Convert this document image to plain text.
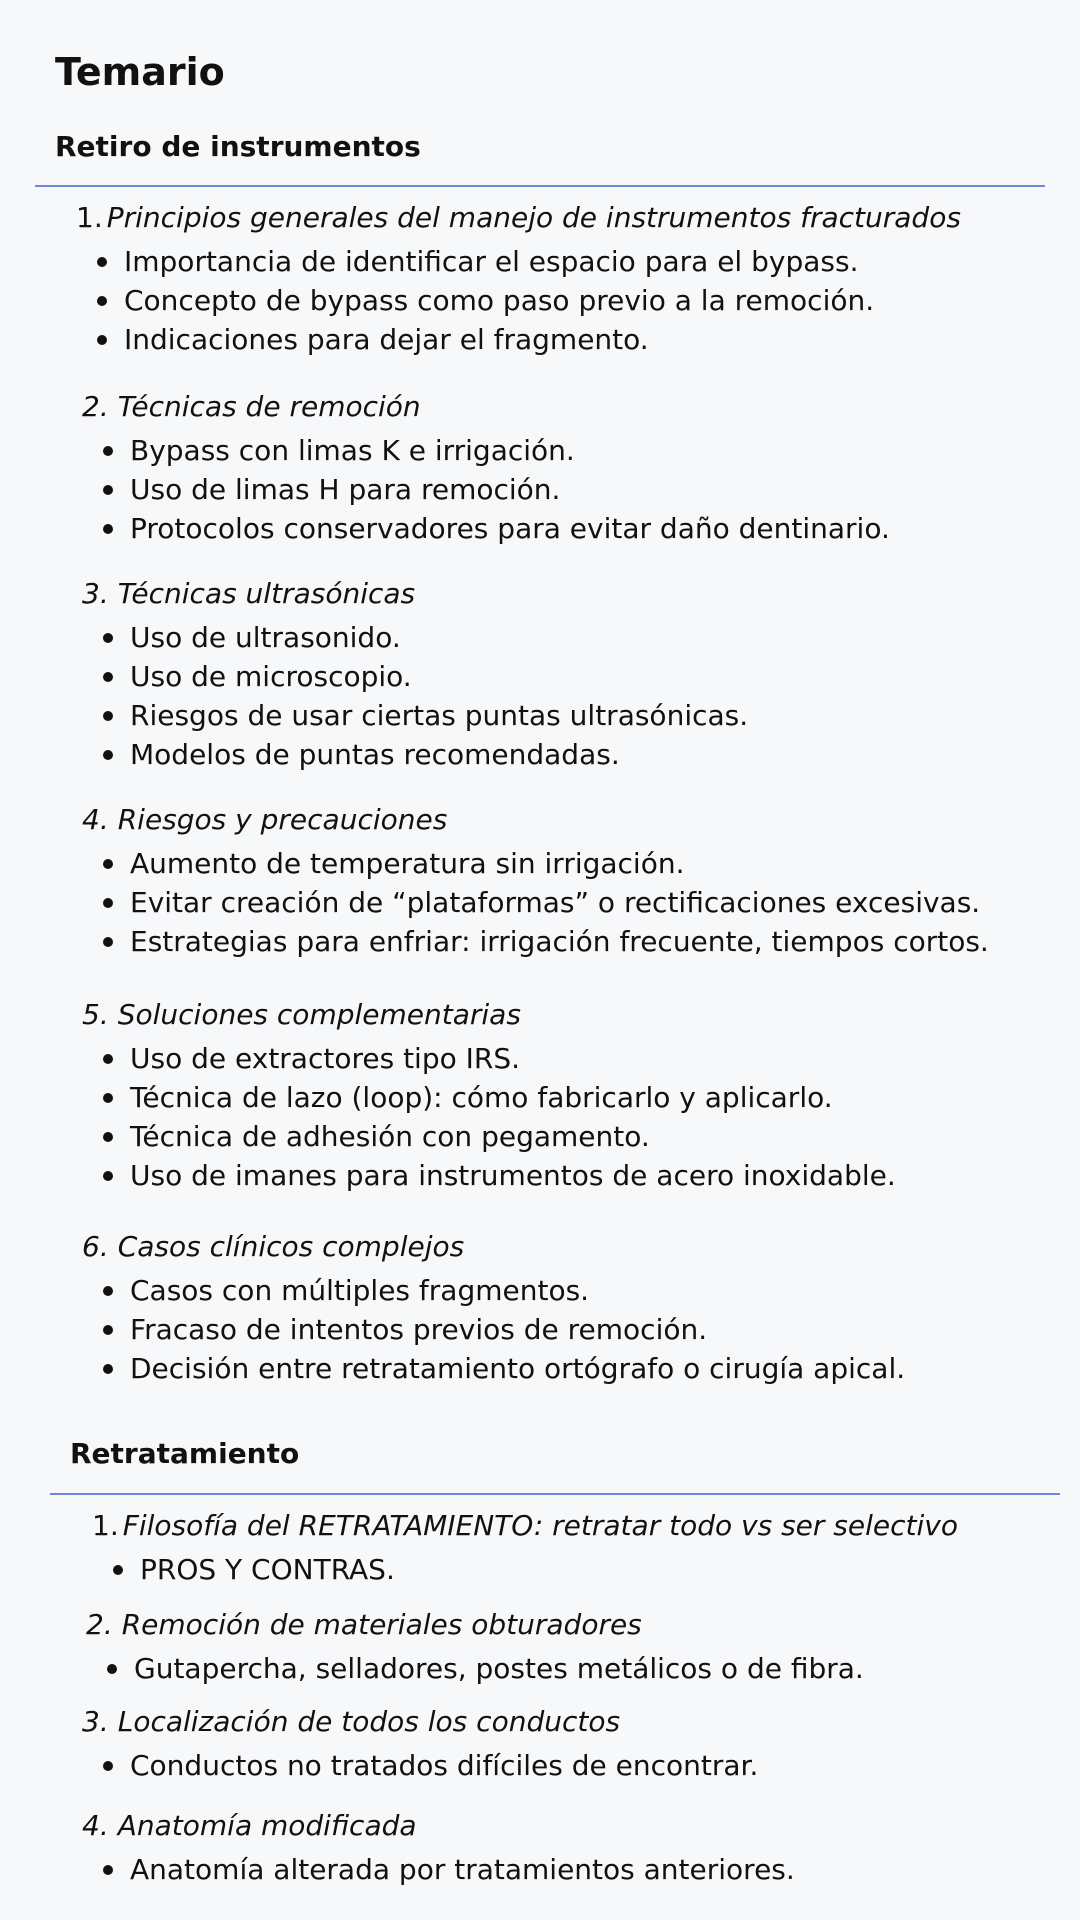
Temario
Retiro de instrumentos
1. Principios generales del manejo de instrumentos fracturados
Importancia de identificar el espacio para el bypass.
Concepto de bypass como paso previo a la remoción.
Indicaciones para dejar el fragmento.
2. Técnicas de remoción
Bypass con limas K e irrigación.
Uso de limas H para remoción.
Protocolos conservadores para evitar daño dentinario.
3. Técnicas ultrasónicas
Uso de ultrasonido.
Uso de microscopio.
Riesgos de usar ciertas puntas ultrasónicas.
Modelos de puntas recomendadas.
4. Riesgos y precauciones
Aumento de temperatura sin irrigación.
Evitar creación de “plataformas” o rectificaciones excesivas.
Estrategias para enfriar: irrigación frecuente, tiempos cortos.
5. Soluciones complementarias
Uso de extractores tipo IRS.
Técnica de lazo (loop): cómo fabricarlo y aplicarlo.
Técnica de adhesión con pegamento.
Uso de imanes para instrumentos de acero inoxidable.
6. Casos clínicos complejos
Casos con múltiples fragmentos.
Fracaso de intentos previos de remoción.
Decisión entre retratamiento ortógrafo o cirugía apical.
Retratamiento
1. Filosofía del RETRATAMIENTO: retratar todo vs ser selectivo
PROS Y CONTRAS.
2. Remoción de materiales obturadores
Gutapercha, selladores, postes metálicos o de fibra.
3. Localización de todos los conductos
Conductos no tratados difíciles de encontrar.
4. Anatomía modificada
Anatomía alterada por tratamientos anteriores.
